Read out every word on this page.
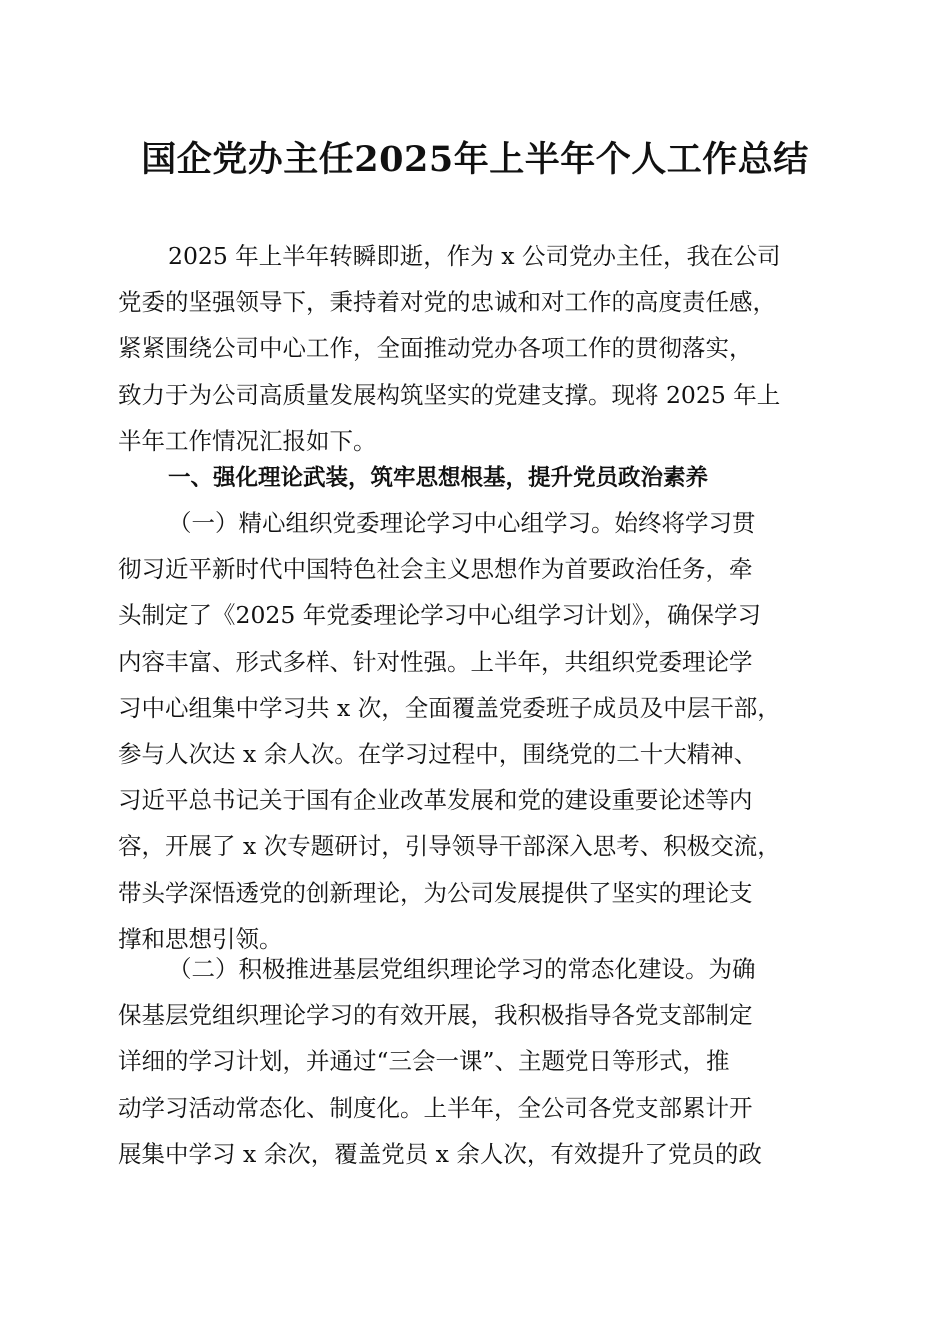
国企党办主任2025年上半年个人工作总结
2025 年上半年转瞬即逝，作为 x 公司党办主任，我在公司
党委的坚强领导下，秉持着对党的忠诚和对工作的高度责任感，
紧紧围绕公司中心工作，全面推动党办各项工作的贯彻落实，
致力于为公司高质量发展构筑坚实的党建支撑。现将 2025 年上
半年工作情况汇报如下。
一、强化理论武装，筑牢思想根基，提升党员政治素养
（一）精心组织党委理论学习中心组学习。始终将学习贯
彻习近平新时代中国特色社会主义思想作为首要政治任务，牵
头制定了《2025 年党委理论学习中心组学习计划》，确保学习
内容丰富、形式多样、针对性强。上半年，共组织党委理论学
习中心组集中学习共 x 次，全面覆盖党委班子成员及中层干部，
参与人次达 x 余人次。在学习过程中，围绕党的二十大精神、
习近平总书记关于国有企业改革发展和党的建设重要论述等内
容，开展了 x 次专题研讨，引导领导干部深入思考、积极交流，
带头学深悟透党的创新理论，为公司发展提供了坚实的理论支
撑和思想引领。
（二）积极推进基层党组织理论学习的常态化建设。为确
保基层党组织理论学习的有效开展，我积极指导各党支部制定
详细的学习计划，并通过“三会一课”、主题党日等形式，推
动学习活动常态化、制度化。上半年，全公司各党支部累计开
展集中学习 x 余次，覆盖党员 x 余人次，有效提升了党员的政
